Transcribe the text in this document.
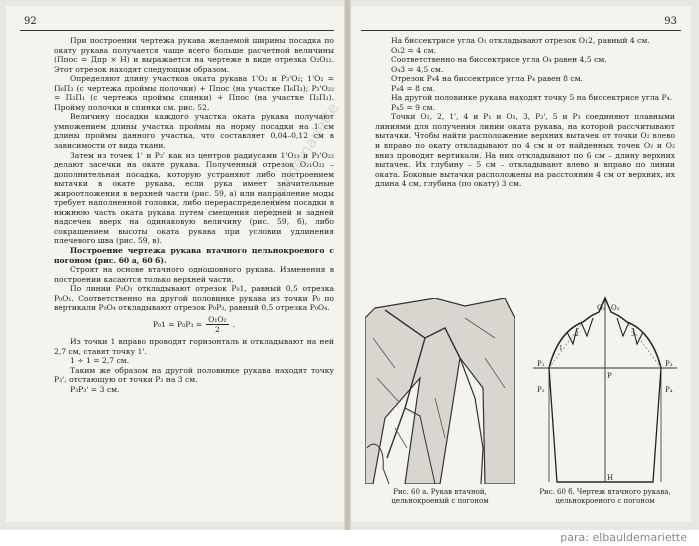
92

При построении чертежа рукава желаемой ширины посадка по окату рукава получается чаще всего больше расчетной величины (Ппос = Дпр × Н) и выражается на чертеже в виде отрезка O₂O₂₂. Этот отрезок находят следующим образом.

Определяют длину участков оката рукава 1'O₂ и P₃'O₂; 1'O₂ = П₆П₃ (с чертежа проймы полочки) + Ппос (на участке П₆П₃); P₃'O₂₂ = П₃П₁ (с чертежа проймы спинки) + Ппос (на участке П₃П₁). Пройму полочки и спинки см. рис. 52.

Величину посадки каждого участка оката рукава получают умножением длины участка проймы на норму посадки на 1 см длины проймы данного участка, что составляет 0,04–0,12 см в зависимости от вида ткани.

Затем из точек 1' и P₃' как из центров радиусами 1'O₂₁ и P₃'O₂₂ делают засечки на окате рукава. Полученный отрезок O₂₁O₂₂ – дополнительная посадка, которую устраняют либо построением вытачки в окате рукава, если рука имеет значительные жироотложения в верхней части (рис. 59, а) или направление моды требует наполненной головки, либо перераспределением посадки в нижнюю часть оката рукава путем смещения передней и задней надсечек вверх на одинаковую величину (рис. 59, б), либо сокращением высоты оката рукава при условии удлинения плечевого шва (рис. 59, в).

Построение чертежа рукава втачного цельнокроеного с погоном (рис. 60 а, 60 б).

Строят на основе втачного одношовного рукава. Изменения в построении касаются только верхней части.

По линии P₀O₁ откладывают отрезок P₀1, равный 0,5 отрезка P₀O₁. Соответственно на другой половинке рукава из точки P₀ по вертикали P₀O₄ откладывают отрезок P₀P₃, равный 0,5 отрезка P₀O₄.

$P_01 = P_0P_3 = \frac{\text{O₁O₂}}{2}$ .

Из точки 1 вправо проводят горизонталь и откладывают на ней 2,7 см, ставят точку 1'.

1 ÷ 1 = 2,7 см.

Таким же образом на другой половинке рукава находят точку P₃', отстающую от точки P₃ на 3 см.

P₃P₃' = 3 см.

93

На биссектрисе угла O₁ откладывают отрезок O₁2, равный 4 см.

O₁2 = 4 см.

Соответственно на биссектрисе угла O₄ равен 4,5 см.

O₄3 = 4,5 см.

Отрезок P₄4 на биссектрисе угла P₄ равен 8 см.

P₄4 = 8 см.

На другой половинке рукава находят точку 5 на биссектрисе угла P₄.

P₄5 = 9 см.

Точки O₂, 2, 1', 4 и P₁ и O₃, 3, P₃', 5 и P₃ соединяют плавными линиями для получения линии оката рукава, на которой рассчитывают вытачки. Чтобы найти расположение верхних вытачек от точки O₂ влево и вправо по окату откладывают по 4 см и от найденных точек O₂ и O₂ вниз проводят вертикали. На них откладывают по 6 см – длину верхних вытачек. Их глубину – 5 см – откладывают влево и вправо по линии оката. Боковые вытачки расположены на расстоянии 4 см от верхних, их длина 4 см, глубина (по окату) 3 см.

Рис. 60 а. Рукав втачной, цельнокроеный с погоном
O₂ O₃
P₁	P₃
P₂	P₄
Р
Н
2	3
1
Рис. 60 б. Чертеж втачного рукава, цельнокроеного с погоном
elbauldemariette
para: elbauldemariette
